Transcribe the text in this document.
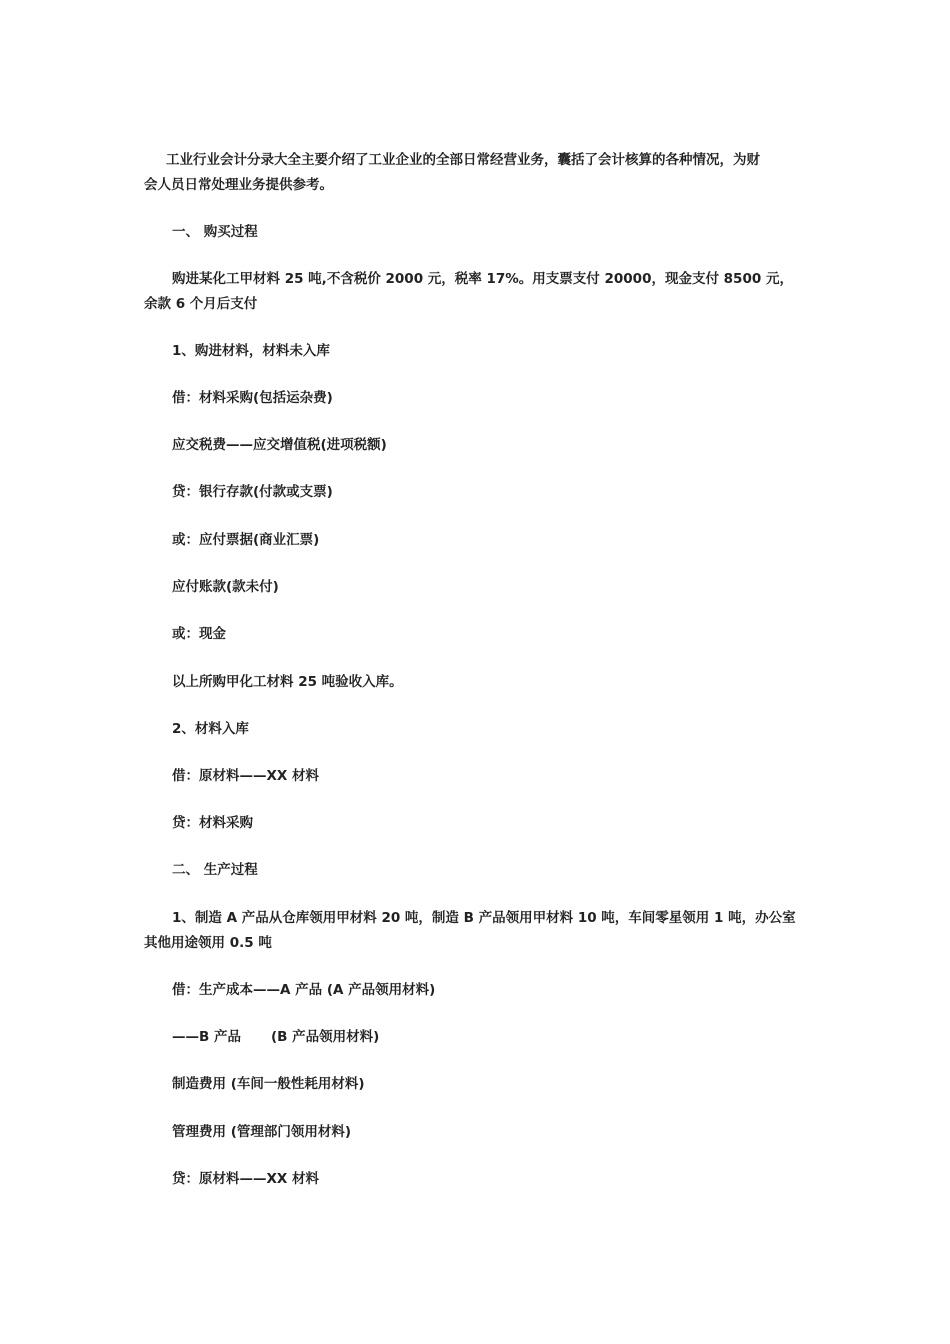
工业行业会计分录大全主要介绍了工业企业的全部日常经营业务，囊括了会计核算的各种情况，为财
会人员日常处理业务提供参考。
一、 购买过程
购进某化工甲材料 25 吨,不含税价 2000 元，税率 17%。用支票支付 20000，现金支付 8500 元，
余款 6 个月后支付
1、购进材料，材料未入库
借：材料采购(包括运杂费)
应交税费——应交增值税(进项税额)
贷：银行存款(付款或支票)
或：应付票据(商业汇票)
应付账款(款未付)
或：现金
以上所购甲化工材料 25 吨验收入库。
2、材料入库
借：原材料——XX 材料
贷：材料采购
二、 生产过程
1、制造 A 产品从仓库领用甲材料 20 吨，制造 B 产品领用甲材料 10 吨，车间零星领用 1 吨，办公室
其他用途领用 0.5 吨
借：生产成本——A 产品 (A 产品领用材料)
——B 产品 (B 产品领用材料)
制造费用 (车间一般性耗用材料)
管理费用 (管理部门领用材料)
贷：原材料——XX 材料
